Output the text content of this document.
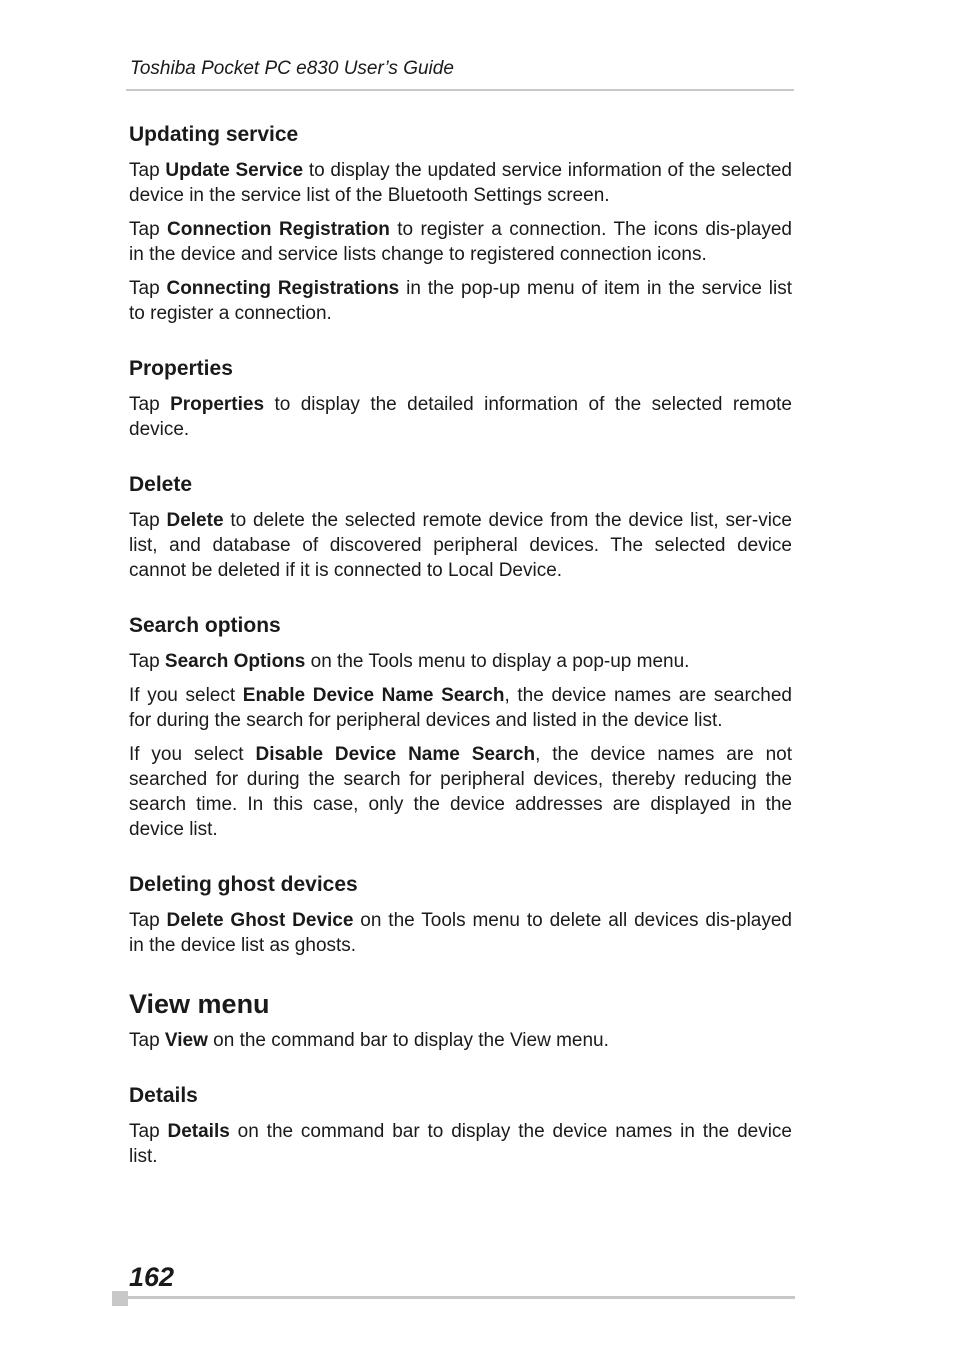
Toshiba Pocket PC e830 User’s Guide
Updating service

Tap Update Service to display the updated service information of the selected device in the service list of the Bluetooth Settings screen.

Tap Connection Registration to register a connection. The icons dis-played in the device and service lists change to registered connection icons.

Tap Connecting Registrations in the pop-up menu of item in the service list to register a connection.

Properties

Tap Properties to display the detailed information of the selected remote device.

Delete

Tap Delete to delete the selected remote device from the device list, ser-vice list, and database of discovered peripheral devices. The selected device cannot be deleted if it is connected to Local Device.

Search options

Tap Search Options on the Tools menu to display a pop-up menu.

If you select Enable Device Name Search, the device names are searched for during the search for peripheral devices and listed in the device list.

If you select Disable Device Name Search, the device names are not searched for during the search for peripheral devices, thereby reducing the search time. In this case, only the device addresses are displayed in the device list.

Deleting ghost devices

Tap Delete Ghost Device on the Tools menu to delete all devices dis-played in the device list as ghosts.

View menu

Tap View on the command bar to display the View menu.

Details

Tap Details on the command bar to display the device names in the device list.

162
